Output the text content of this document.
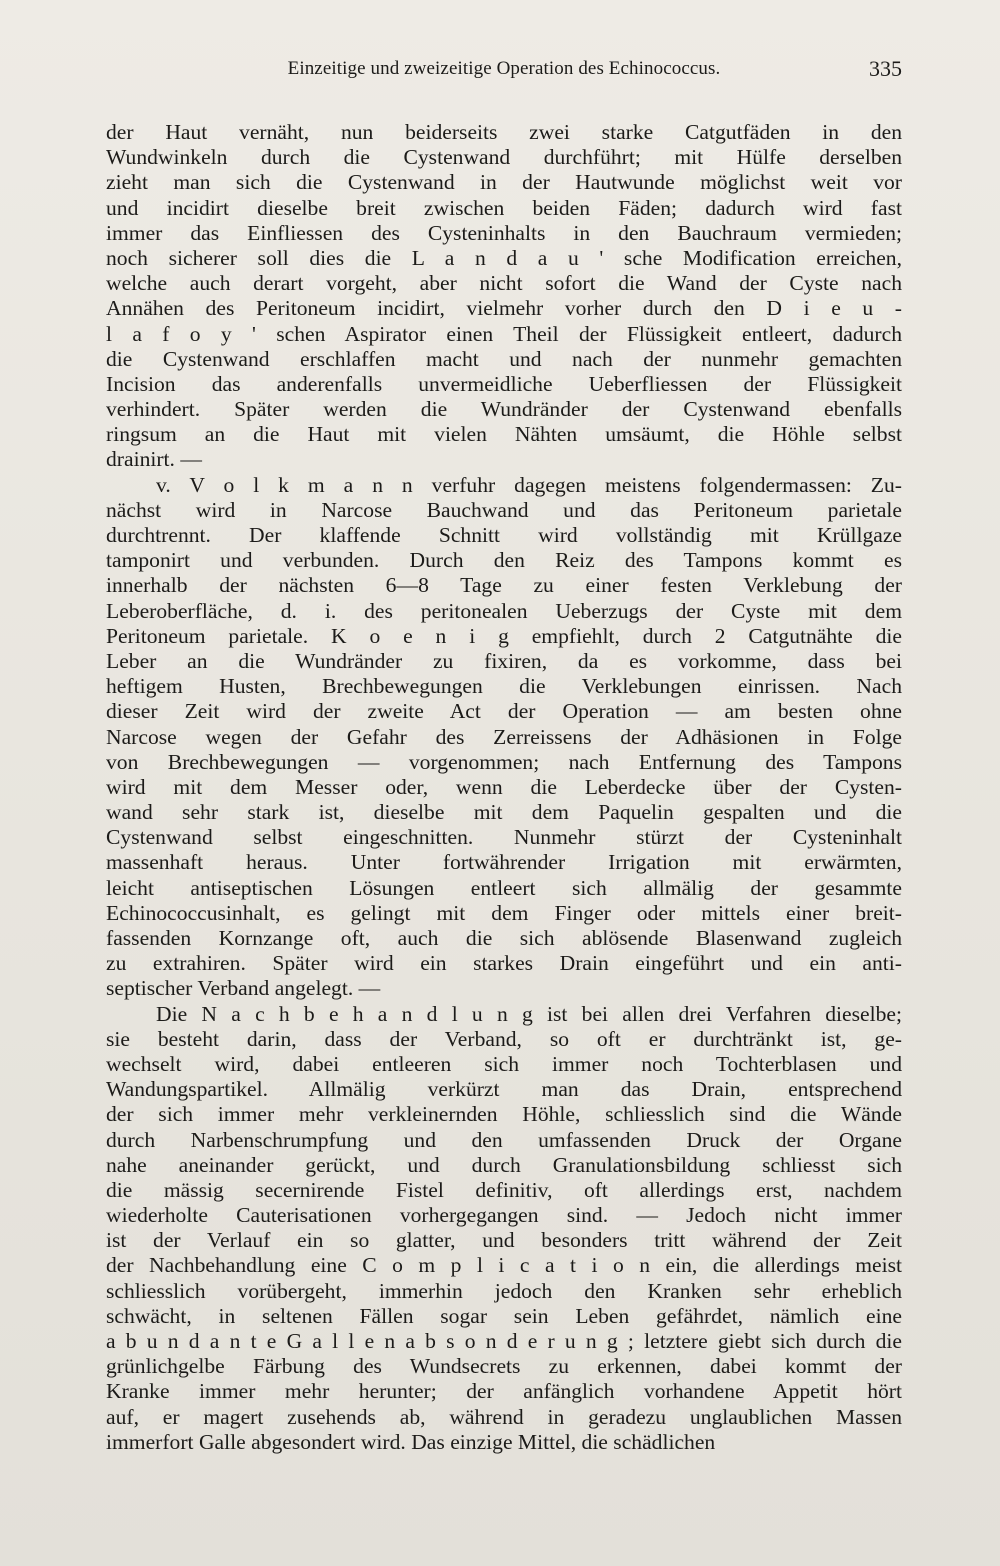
Einzeitige und zweizeitige Operation des Echinococcus.	335
der Haut vernäht, nun beiderseits zwei starke Catgutfäden in den
Wundwinkeln durch die Cystenwand durchführt; mit Hülfe derselben
zieht man sich die Cystenwand in der Hautwunde möglichst weit vor
und incidirt dieselbe breit zwischen beiden Fäden; dadurch wird fast
immer das Einfliessen des Cysteninhalts in den Bauchraum vermieden;
noch sicherer soll dies die L a n d a u ' sche Modification erreichen,
welche auch derart vorgeht, aber nicht sofort die Wand der Cyste nach
Annähen des Peritoneum incidirt, vielmehr vorher durch den D i e u -
l a f o y ' schen Aspirator einen Theil der Flüssigkeit entleert, dadurch
die Cystenwand erschlaffen macht und nach der nunmehr gemachten
Incision das anderenfalls unvermeidliche Ueberfliessen der Flüssigkeit
verhindert. Später werden die Wundränder der Cystenwand ebenfalls
ringsum an die Haut mit vielen Nähten umsäumt, die Höhle selbst
drainirt. —
v. V o l k m a n n verfuhr dagegen meistens folgendermassen: Zu-
nächst wird in Narcose Bauchwand und das Peritoneum parietale
durchtrennt. Der klaffende Schnitt wird vollständig mit Krüllgaze
tamponirt und verbunden. Durch den Reiz des Tampons kommt es
innerhalb der nächsten 6—8 Tage zu einer festen Verklebung der
Leberoberfläche, d. i. des peritonealen Ueberzugs der Cyste mit dem
Peritoneum parietale. K o e n i g empfiehlt, durch 2 Catgutnähte die
Leber an die Wundränder zu fixiren, da es vorkomme, dass bei
heftigem Husten, Brechbewegungen die Verklebungen einrissen. Nach
dieser Zeit wird der zweite Act der Operation — am besten ohne
Narcose wegen der Gefahr des Zerreissens der Adhäsionen in Folge
von Brechbewegungen — vorgenommen; nach Entfernung des Tampons
wird mit dem Messer oder, wenn die Leberdecke über der Cysten-
wand sehr stark ist, dieselbe mit dem Paquelin gespalten und die
Cystenwand selbst eingeschnitten. Nunmehr stürzt der Cysteninhalt
massenhaft heraus. Unter fortwährender Irrigation mit erwärmten,
leicht antiseptischen Lösungen entleert sich allmälig der gesammte
Echinococcusinhalt, es gelingt mit dem Finger oder mittels einer breit-
fassenden Kornzange oft, auch die sich ablösende Blasenwand zugleich
zu extrahiren. Später wird ein starkes Drain eingeführt und ein anti-
septischer Verband angelegt. —
Die N a c h b e h a n d l u n g ist bei allen drei Verfahren dieselbe;
sie besteht darin, dass der Verband, so oft er durchtränkt ist, ge-
wechselt wird, dabei entleeren sich immer noch Tochterblasen und
Wandungspartikel. Allmälig verkürzt man das Drain, entsprechend
der sich immer mehr verkleinernden Höhle, schliesslich sind die Wände
durch Narbenschrumpfung und den umfassenden Druck der Organe
nahe aneinander gerückt, und durch Granulationsbildung schliesst sich
die mässig secernirende Fistel definitiv, oft allerdings erst, nachdem
wiederholte Cauterisationen vorhergegangen sind. — Jedoch nicht immer
ist der Verlauf ein so glatter, und besonders tritt während der Zeit
der Nachbehandlung eine C o m p l i c a t i o n ein, die allerdings meist
schliesslich vorübergeht, immerhin jedoch den Kranken sehr erheblich
schwächt, in seltenen Fällen sogar sein Leben gefährdet, nämlich eine
a b u n d a n t e G a l l e n a b s o n d e r u n g ; letztere giebt sich durch die
grünlichgelbe Färbung des Wundsecrets zu erkennen, dabei kommt der
Kranke immer mehr herunter; der anfänglich vorhandene Appetit hört
auf, er magert zusehends ab, während in geradezu unglaublichen Massen
immerfort Galle abgesondert wird. Das einzige Mittel, die schädlichen
